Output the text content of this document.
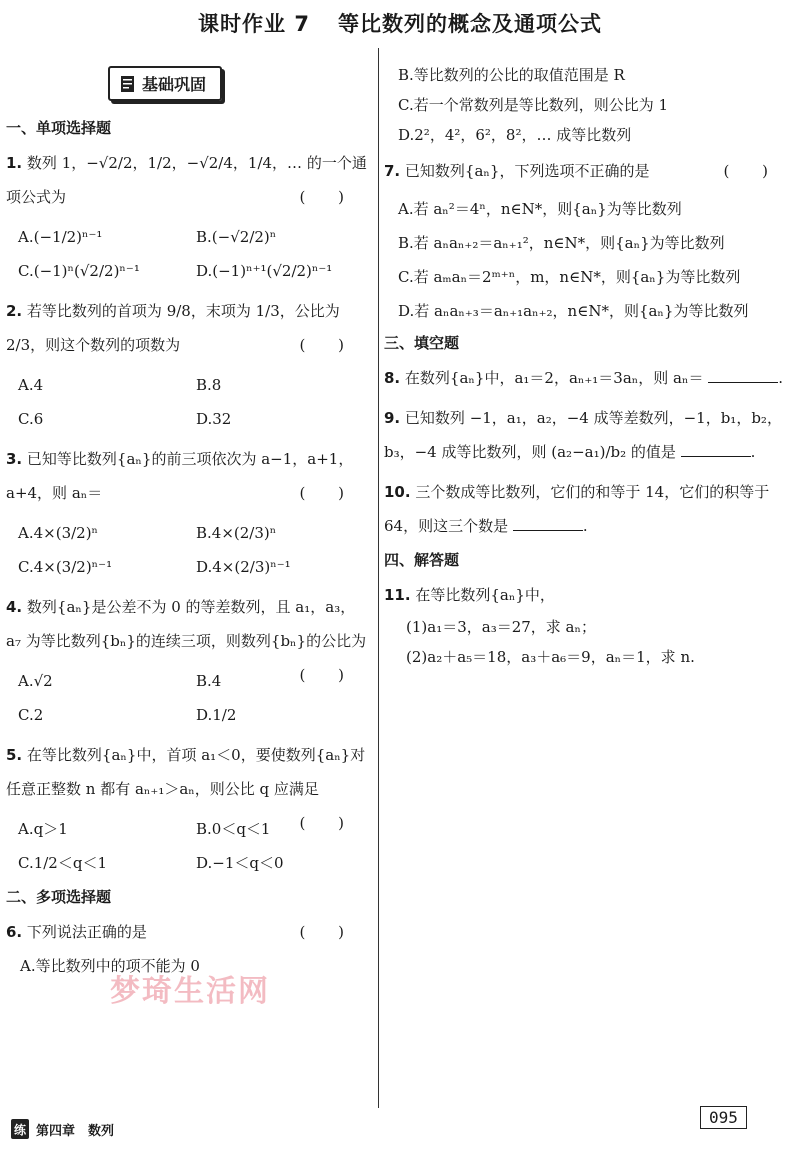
课时作业 7 等比数列的概念及通项公式
基础巩固
一、单项选择题
1. 数列 1，−√2/2，1/2，−√2/4，1/4，… 的一个通项公式为	( )
A.(−1/2)ⁿ⁻¹	B.(−√2/2)ⁿ
C.(−1)ⁿ(√2/2)ⁿ⁻¹	D.(−1)ⁿ⁺¹(√2/2)ⁿ⁻¹
2. 若等比数列的首项为 9/8，末项为 1/3，公比为 2/3，则这个数列的项数为	( )
A.4	B.8
C.6	D.32
3. 已知等比数列{aₙ}的前三项依次为 a−1，a+1，a+4，则 aₙ＝	( )
A.4×(3/2)ⁿ	B.4×(2/3)ⁿ
C.4×(3/2)ⁿ⁻¹	D.4×(2/3)ⁿ⁻¹
4. 数列{aₙ}是公差不为 0 的等差数列，且 a₁，a₃，a₇ 为等比数列{bₙ}的连续三项，则数列{bₙ}的公比为
( )
A.√2	B.4
C.2	D.1/2
5. 在等比数列{aₙ}中，首项 a₁＜0，要使数列{aₙ}对任意正整数 n 都有 aₙ₊₁＞aₙ，则公比 q 应满足
( )
A.q＞1	B.0＜q＜1
C.1/2＜q＜1	D.−1＜q＜0
二、多项选择题
6. 下列说法正确的是	( )
A.等比数列中的项不能为 0
B.等比数列的公比的取值范围是 R
C.若一个常数列是等比数列，则公比为 1
D.2²，4²，6²，8²，… 成等比数列
7. 已知数列{aₙ}，下列选项不正确的是	( )
A.若 aₙ²＝4ⁿ，n∈N*，则{aₙ}为等比数列
B.若 aₙaₙ₊₂＝aₙ₊₁²，n∈N*，则{aₙ}为等比数列
C.若 aₘaₙ＝2ᵐ⁺ⁿ，m，n∈N*，则{aₙ}为等比数列
D.若 aₙaₙ₊₃＝aₙ₊₁aₙ₊₂，n∈N*，则{aₙ}为等比数列
三、填空题
8. 在数列{aₙ}中，a₁＝2，aₙ₊₁＝3aₙ，则 aₙ＝	.
9. 已知数列 −1，a₁，a₂，−4 成等差数列，−1，b₁，b₂，b₃，−4 成等比数列，则 (a₂−a₁)/b₂ 的值是	.
10. 三个数成等比数列，它们的和等于 14，它们的积等于 64，则这三个数是	.
四、解答题
11. 在等比数列{aₙ}中，
(1)a₁＝3，a₃＝27，求 aₙ；
(2)a₂＋a₅＝18，a₃＋a₆＝9，aₙ＝1，求 n.
梦琦生活网
练 第四章　数列
095
